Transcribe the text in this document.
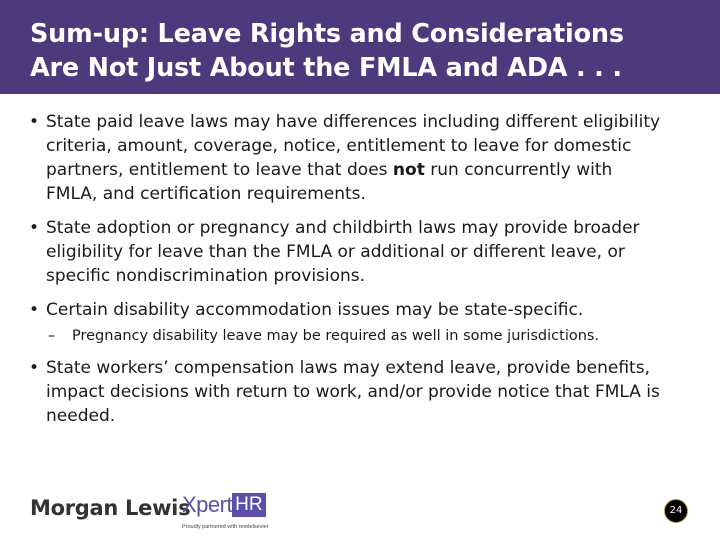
Sum-up: Leave Rights and Considerations
Are Not Just About the FMLA and ADA . . .
• State paid leave laws may have differences including different eligibility
criteria, amount, coverage, notice, entitlement to leave for domestic
partners, entitlement to leave that does not run concurrently with
FMLA, and certification requirements.
• State adoption or pregnancy and childbirth laws may provide broader
eligibility for leave than the FMLA or additional or different leave, or
specific nondiscrimination provisions.
• Certain disability accommodation issues may be state-specific.
– Pregnancy disability leave may be required as well in some jurisdictions.
• State workers’ compensation laws may extend leave, provide benefits,
impact decisions with return to work, and/or provide notice that FMLA is
needed.
Morgan Lewis
Xpert HR
Proudly partnered with reedelsevier
24
